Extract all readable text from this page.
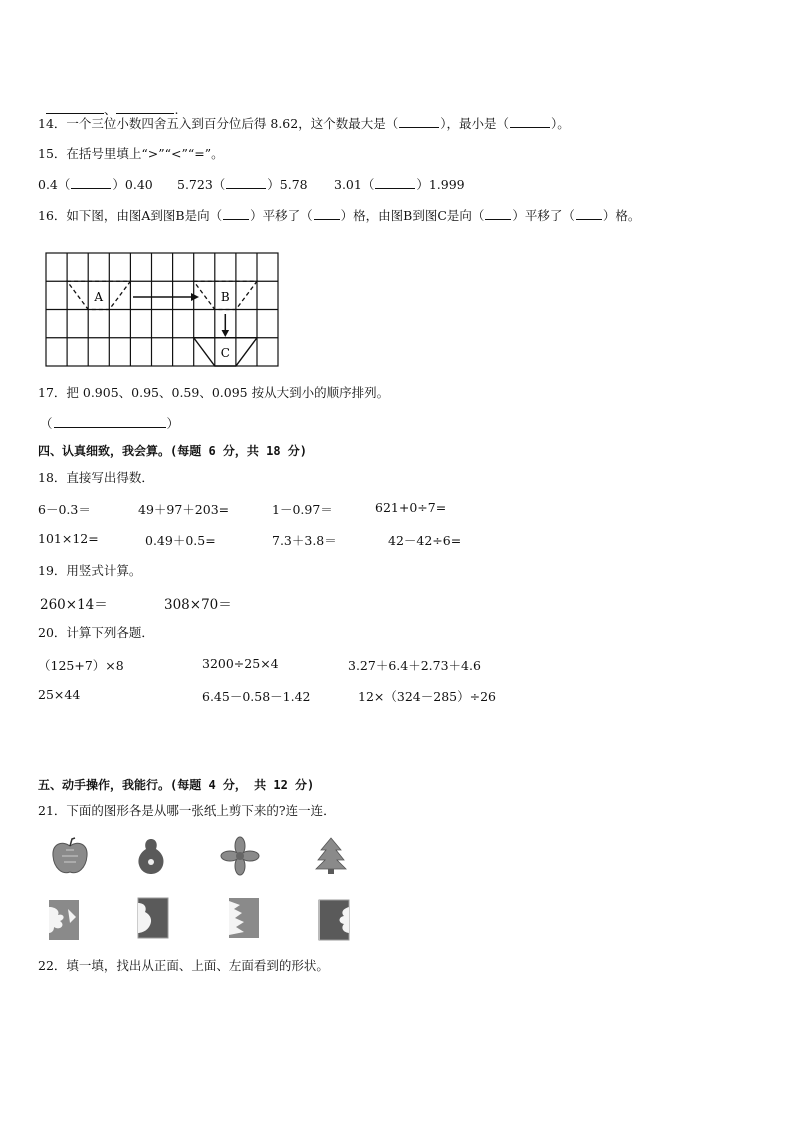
、	.

14．一个三位小数四舍五入到百分位后得 8.62，这个数最大是（	），最小是（	）。
15．在括号里填上“>”“<”“=”。
0.4（	）0.40 5.723（	）5.78 3.01（	）1.999
16．如下图，由图A到图B是向（ ）平移了（ ）格，由图B到图C是向（ ）平移了（ ）格。
A	B
C
17．把 0.905、0.95、0.59、0.095 按从大到小的顺序排列。
（	）
四、认真细致，我会算。(每题 6 分，共 18 分)
18．直接写出得数．
6－0.3＝	49＋97＋203=	1－0.97＝	621+0÷7=
101×12=	0.49＋0.5=	7.3＋3.8＝	42－42÷6=
19．用竖式计算。
260×14＝	308×70＝
20．计算下列各题．
（125+7）×8	3200÷25×4	3.27＋6.4＋2.73＋4.6
25×44	6.45－0.58－1.42	12×（324－285）÷26
五、动手操作，我能行。(每题 4 分， 共 12 分)
21．下面的图形各是从哪一张纸上剪下来的?连一连．
22．填一填，找出从正面、上面、左面看到的形状。
